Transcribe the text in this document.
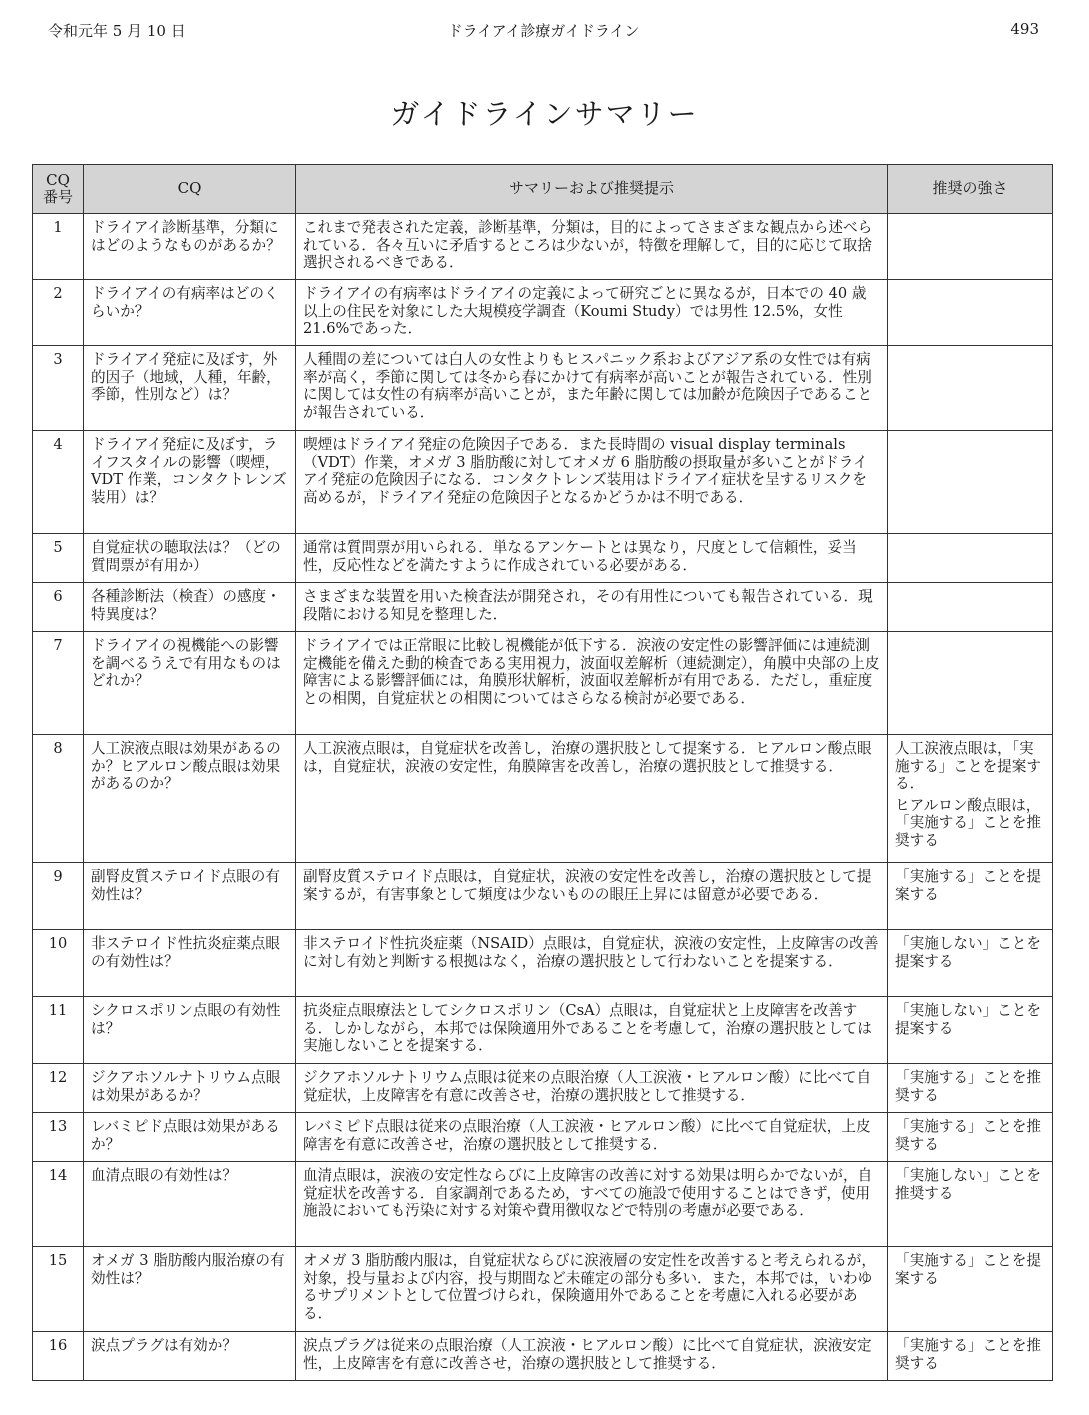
令和元年 5 月 10 日	ドライアイ診療ガイドライン	493
ガイドラインサマリー
CQ
番号	CQ	サマリーおよび推奨提示	推奨の強さ
1	ドライアイ診断基準，分類にはどのようなものがあるか？	これまで発表された定義，診断基準，分類は，目的によってさまざまな観点から述べられている．各々互いに矛盾するところは少ないが，特徴を理解して，目的に応じて取捨選択されるべきである．	
2	ドライアイの有病率はどのくらいか？	ドライアイの有病率はドライアイの定義によって研究ごとに異なるが，日本での 40 歳以上の住民を対象にした大規模疫学調査（Koumi Study）では男性 12.5%，女性 21.6%であった．	
3	ドライアイ発症に及ぼす，外的因子（地域，人種，年齢，季節，性別など）は？	人種間の差については白人の女性よりもヒスパニック系およびアジア系の女性では有病率が高く，季節に関しては冬から春にかけて有病率が高いことが報告されている．性別に関しては女性の有病率が高いことが，また年齢に関しては加齢が危険因子であることが報告されている．	
4	ドライアイ発症に及ぼす，ライフスタイルの影響（喫煙，VDT 作業，コンタクトレンズ装用）は？	喫煙はドライアイ発症の危険因子である．また長時間の visual display terminals（VDT）作業，オメガ 3 脂肪酸に対してオメガ 6 脂肪酸の摂取量が多いことがドライアイ発症の危険因子になる．コンタクトレンズ装用はドライアイ症状を呈するリスクを高めるが，ドライアイ発症の危険因子となるかどうかは不明である．	
5	自覚症状の聴取法は？（どの質問票が有用か）	通常は質問票が用いられる．単なるアンケートとは異なり，尺度として信頼性，妥当性，反応性などを満たすように作成されている必要がある．	
6	各種診断法（検査）の感度・特異度は？	さまざまな装置を用いた検査法が開発され，その有用性についても報告されている．現段階における知見を整理した．	
7	ドライアイの視機能への影響を調べるうえで有用なものはどれか？	ドライアイでは正常眼に比較し視機能が低下する．涙液の安定性の影響評価には連続測定機能を備えた動的検査である実用視力，波面収差解析（連続測定），角膜中央部の上皮障害による影響評価には，角膜形状解析，波面収差解析が有用である．ただし，重症度との相関，自覚症状との相関についてはさらなる検討が必要である．	
8	人工涙液点眼は効果があるのか？ヒアルロン酸点眼は効果があるのか？	人工涙液点眼は，自覚症状を改善し，治療の選択肢として提案する．ヒアルロン酸点眼は，自覚症状，涙液の安定性，角膜障害を改善し，治療の選択肢として推奨する．	人工涙液点眼は，「実施する」ことを提案する．
ヒアルロン酸点眼は，「実施する」ことを推奨する

9	副腎皮質ステロイド点眼の有効性は？	副腎皮質ステロイド点眼は，自覚症状，涙液の安定性を改善し，治療の選択肢として提案するが，有害事象として頻度は少ないものの眼圧上昇には留意が必要である．	「実施する」ことを提案する

10	非ステロイド性抗炎症薬点眼の有効性は？	非ステロイド性抗炎症薬（NSAID）点眼は，自覚症状，涙液の安定性，上皮障害の改善に対し有効と判断する根拠はなく，治療の選択肢として行わないことを提案する．	「実施しない」ことを提案する

11	シクロスポリン点眼の有効性は？	抗炎症点眼療法としてシクロスポリン（CsA）点眼は，自覚症状と上皮障害を改善する．しかしながら，本邦では保険適用外であることを考慮して，治療の選択肢としては実施しないことを提案する．	「実施しない」ことを提案する

12	ジクアホソルナトリウム点眼は効果があるか？	ジクアホソルナトリウム点眼は従来の点眼治療（人工涙液・ヒアルロン酸）に比べて自覚症状，上皮障害を有意に改善させ，治療の選択肢として推奨する．	「実施する」ことを推奨する

13	レバミピド点眼は効果があるか？	レバミピド点眼は従来の点眼治療（人工涙液・ヒアルロン酸）に比べて自覚症状，上皮障害を有意に改善させ，治療の選択肢として推奨する．	「実施する」ことを推奨する

14	血清点眼の有効性は？	血清点眼は，涙液の安定性ならびに上皮障害の改善に対する効果は明らかでないが，自覚症状を改善する．自家調剤であるため，すべての施設で使用することはできず，使用施設においても汚染に対する対策や費用徴収などで特別の考慮が必要である．	「実施しない」ことを推奨する

15	オメガ 3 脂肪酸内服治療の有効性は？	オメガ 3 脂肪酸内服は，自覚症状ならびに涙液層の安定性を改善すると考えられるが，対象，投与量および内容，投与期間など未確定の部分も多い．また，本邦では，いわゆるサプリメントとして位置づけられ，保険適用外であることを考慮に入れる必要がある．	「実施する」ことを提案する

16	涙点プラグは有効か？	涙点プラグは従来の点眼治療（人工涙液・ヒアルロン酸）に比べて自覚症状，涙液安定性，上皮障害を有意に改善させ，治療の選択肢として推奨する．	「実施する」ことを推奨する
